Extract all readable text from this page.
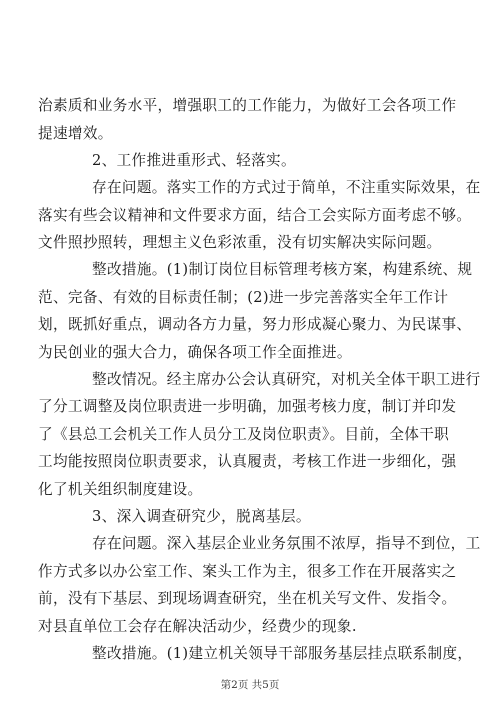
治素质和业务水平，增强职工的工作能力，为做好工会各项工作
提速增效。
2、工作推进重形式、轻落实。
存在问题。落实工作的方式过于简单，不注重实际效果，在
落实有些会议精神和文件要求方面，结合工会实际方面考虑不够。
文件照抄照转，理想主义色彩浓重，没有切实解决实际问题。
整改措施。(1)制订岗位目标管理考核方案，构建系统、规
范、完备、有效的目标责任制；(2)进一步完善落实全年工作计
划，既抓好重点，调动各方力量，努力形成凝心聚力、为民谋事、
为民创业的强大合力，确保各项工作全面推进。
整改情况。经主席办公会认真研究，对机关全体干职工进行
了分工调整及岗位职责进一步明确，加强考核力度，制订并印发
了《县总工会机关工作人员分工及岗位职责》。目前，全体干职
工均能按照岗位职责要求，认真履责，考核工作进一步细化，强
化了机关组织制度建设。
3、深入调查研究少，脱离基层。
存在问题。深入基层企业业务氛围不浓厚，指导不到位，工
作方式多以办公室工作、案头工作为主，很多工作在开展落实之
前，没有下基层、到现场调查研究，坐在机关写文件、发指令。
对县直单位工会存在解决活动少，经费少的现象.
整改措施。(1)建立机关领导干部服务基层挂点联系制度，
第2页 共5页
